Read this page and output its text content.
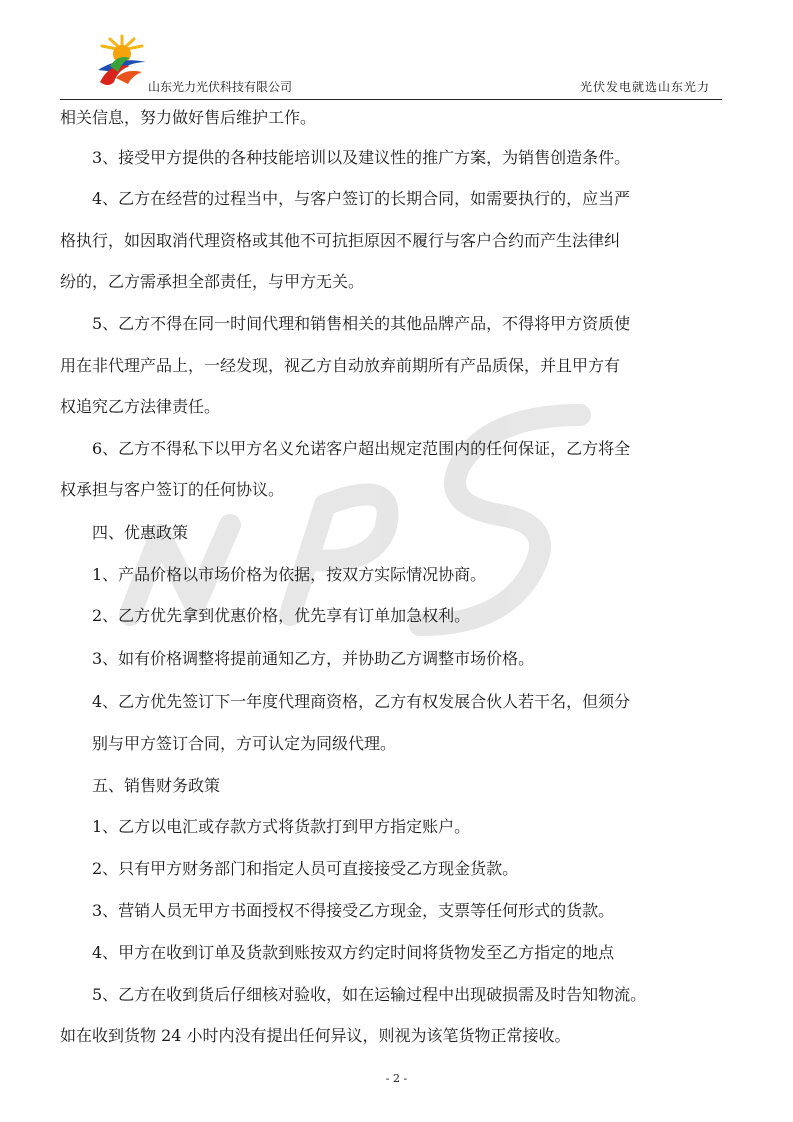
山东光力光伏科技有限公司	光伏发电就选山东光力
相关信息，努力做好售后维护工作。
　　3、接受甲方提供的各种技能培训以及建议性的推广方案，为销售创造条件。
　　4、乙方在经营的过程当中，与客户签订的长期合同，如需要执行的，应当严
格执行，如因取消代理资格或其他不可抗拒原因不履行与客户合约而产生法律纠
纷的，乙方需承担全部责任，与甲方无关。
　　5、乙方不得在同一时间代理和销售相关的其他品牌产品，不得将甲方资质使
用在非代理产品上，一经发现，视乙方自动放弃前期所有产品质保，并且甲方有
权追究乙方法律责任。
　　6、乙方不得私下以甲方名义允诺客户超出规定范围内的任何保证，乙方将全
权承担与客户签订的任何协议。
　　四、优惠政策
　　1、产品价格以市场价格为依据，按双方实际情况协商。
　　2、乙方优先拿到优惠价格，优先享有订单加急权利。
　　3、如有价格调整将提前通知乙方，并协助乙方调整市场价格。
　　4、乙方优先签订下一年度代理商资格，乙方有权发展合伙人若干名，但须分
　　别与甲方签订合同，方可认定为同级代理。
　　五、销售财务政策
　　1、乙方以电汇或存款方式将货款打到甲方指定账户。
　　2、只有甲方财务部门和指定人员可直接接受乙方现金货款。
　　3、营销人员无甲方书面授权不得接受乙方现金，支票等任何形式的货款。
　　4、甲方在收到订单及货款到账按双方约定时间将货物发至乙方指定的地点
　　5、乙方在收到货后仔细核对验收，如在运输过程中出现破损需及时告知物流。
如在收到货物 24 小时内没有提出任何异议，则视为该笔货物正常接收。
- 2 -
